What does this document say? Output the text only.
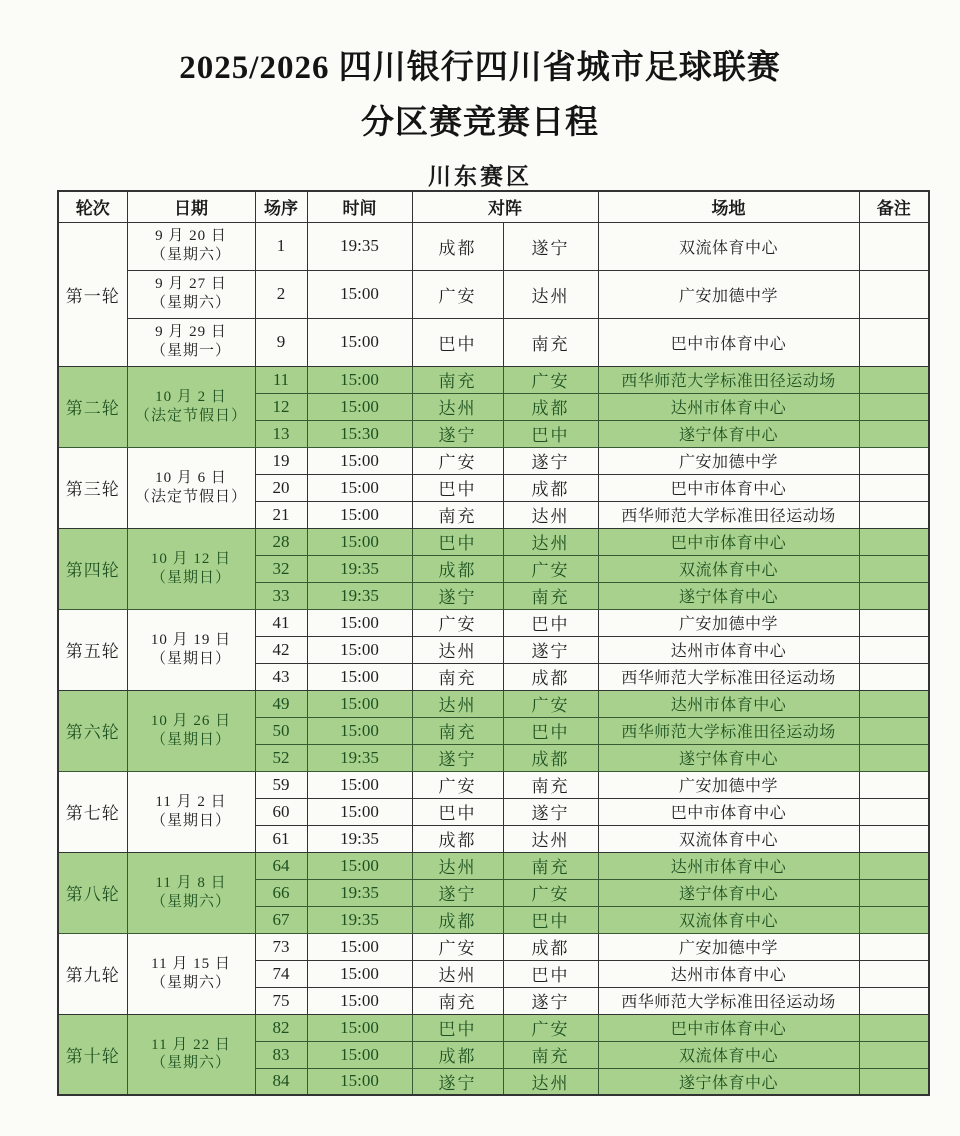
2025/2026 四川银行四川省城市足球联赛
分区赛竞赛日程
川东赛区
轮次	日期	场序	时间	对阵		场地	备注
第一轮	9 月 20 日
（星期六）	1	19:35	成都	遂宁	双流体育中心	

	9 月 27 日
（星期六）	2	15:00	广安	达州	广安加德中学	

	9 月 29 日
（星期一）	9	15:00	巴中	南充	巴中市体育中心	
第二轮	10 月 2 日
（法定节假日）	11	15:00	南充	广安	西华师范大学标准田径运动场	
		12	15:00	达州	成都	达州市体育中心	
		13	15:30	遂宁	巴中	遂宁体育中心	
第三轮	10 月 6 日
（法定节假日）	19	15:00	广安	遂宁	广安加德中学	
		20	15:00	巴中	成都	巴中市体育中心	
		21	15:00	南充	达州	西华师范大学标准田径运动场	
第四轮	10 月 12 日
（星期日）	28	15:00	巴中	达州	巴中市体育中心	
		32	19:35	成都	广安	双流体育中心	
		33	19:35	遂宁	南充	遂宁体育中心	
第五轮	10 月 19 日
（星期日）	41	15:00	广安	巴中	广安加德中学	
		42	15:00	达州	遂宁	达州市体育中心	
		43	15:00	南充	成都	西华师范大学标准田径运动场	
第六轮	10 月 26 日
（星期日）	49	15:00	达州	广安	达州市体育中心	
		50	15:00	南充	巴中	西华师范大学标准田径运动场	
		52	19:35	遂宁	成都	遂宁体育中心	
第七轮	11 月 2 日
（星期日）	59	15:00	广安	南充	广安加德中学	
		60	15:00	巴中	遂宁	巴中市体育中心	
		61	19:35	成都	达州	双流体育中心	
第八轮	11 月 8 日
（星期六）	64	15:00	达州	南充	达州市体育中心	
		66	19:35	遂宁	广安	遂宁体育中心	
		67	19:35	成都	巴中	双流体育中心	
第九轮	11 月 15 日
（星期六）	73	15:00	广安	成都	广安加德中学	
		74	15:00	达州	巴中	达州市体育中心	
		75	15:00	南充	遂宁	西华师范大学标准田径运动场	
第十轮	11 月 22 日
（星期六）	82	15:00	巴中	广安	巴中市体育中心	
		83	15:00	成都	南充	双流体育中心	
		84	15:00	遂宁	达州	遂宁体育中心	
